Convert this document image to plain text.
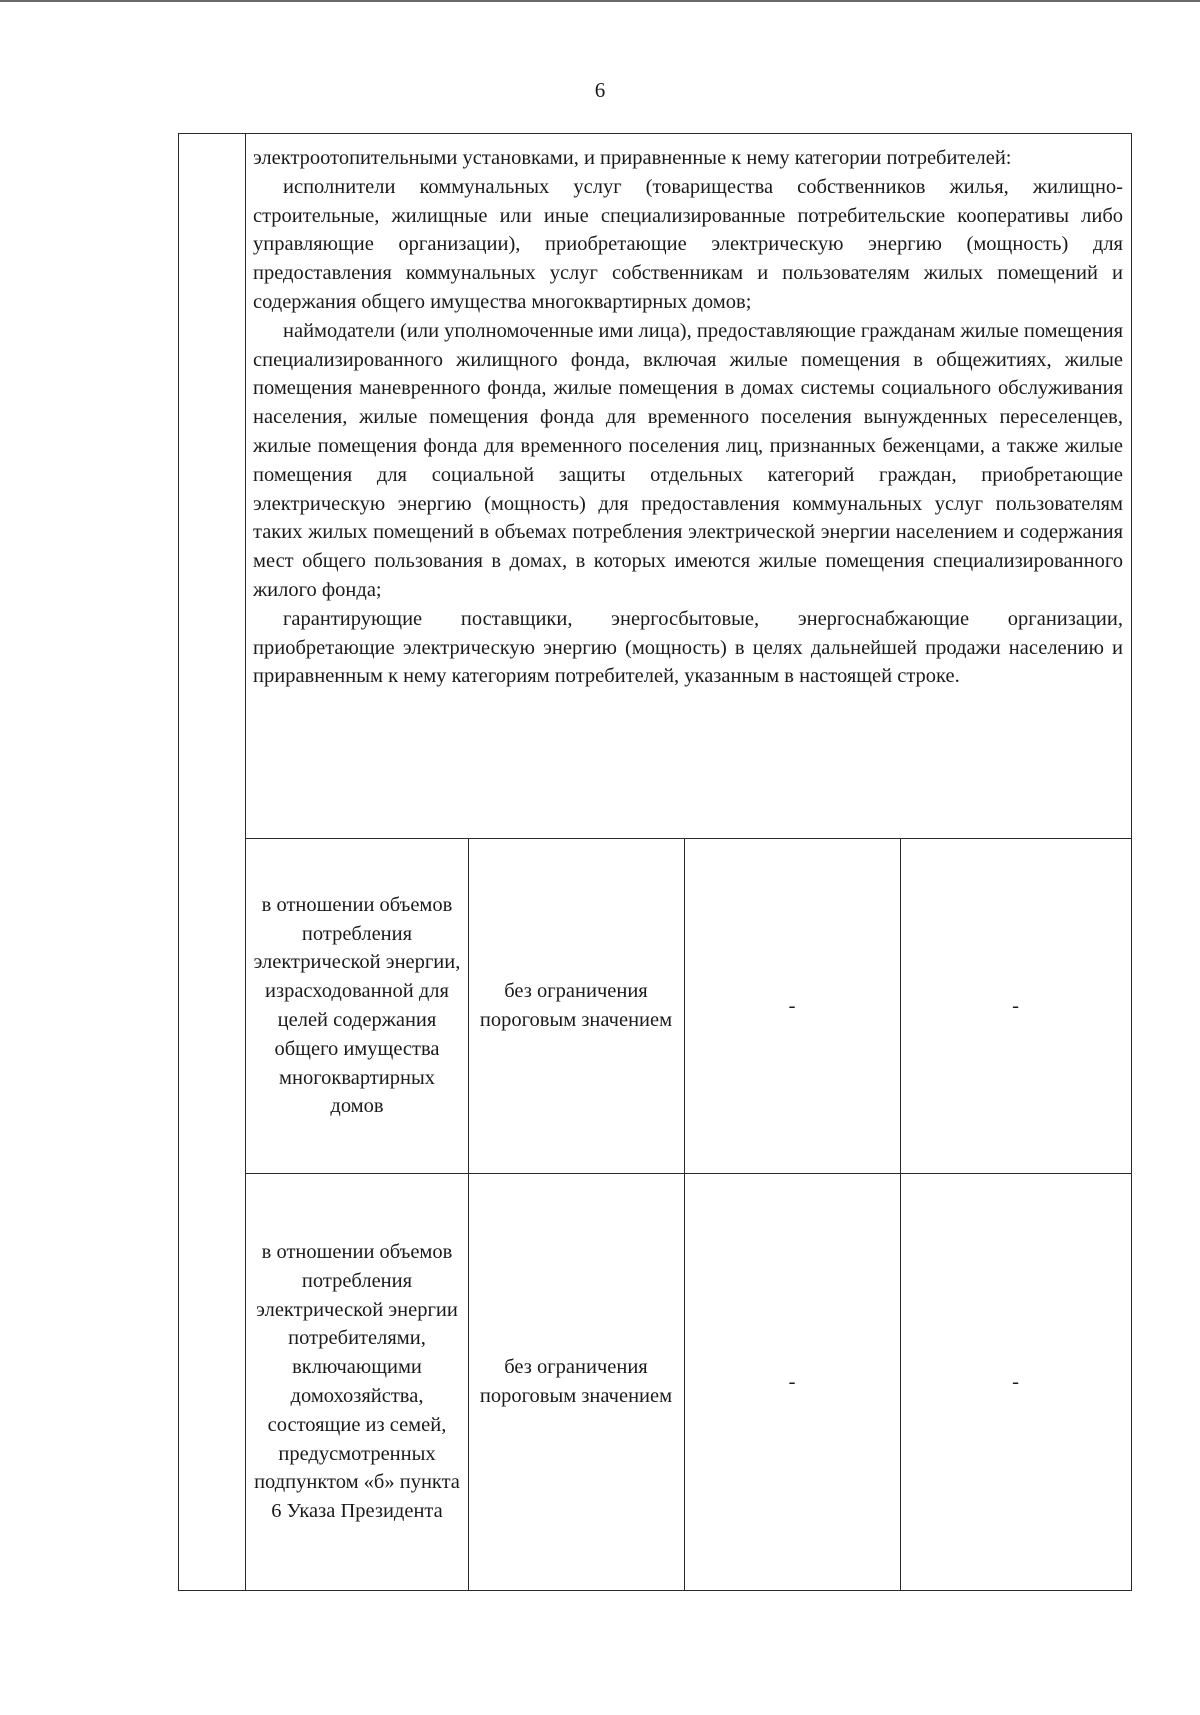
6

электроотопительными установками, и приравненные к нему категории потребителей:

исполнители коммунальных услуг (товарищества собственников жилья, жилищно-строительные, жилищные или иные специализированные потребительские кооперативы либо управляющие организации), приобретающие электрическую энергию (мощность) для предоставления коммунальных услуг собственникам и пользователям жилых помещений и содержания общего имущества многоквартирных домов;

наймодатели (или уполномоченные ими лица), предоставляющие гражданам жилые помещения специализированного жилищного фонда, включая жилые помещения в общежитиях, жилые помещения маневренного фонда, жилые помещения в домах системы социального обслуживания населения, жилые помещения фонда для временного поселения вынужденных переселенцев, жилые помещения фонда для временного поселения лиц, признанных беженцами, а также жилые помещения для социальной защиты отдельных категорий граждан, приобретающие электрическую энергию (мощность) для предоставления коммунальных услуг пользователям таких жилых помещений в объемах потребления электрической энергии населением и содержания мест общего пользования в домах, в которых имеются жилые помещения специализированного жилого фонда;

гарантирующие поставщики, энергосбытовые, энергоснабжающие организации, приобретающие электрическую энергию (мощность) в целях дальнейшей продажи населению и приравненным к нему категориям потребителей, указанным в настоящей строке.

в отношении объемов потребления электрической энергии, израсходованной для целей содержания общего имущества многоквартирных домов
без ограничения пороговым значением
-	-
в отношении объемов потребления электрической энергии потребителями, включающими домохозяйства, состоящие из семей, предусмотренных подпунктом «б» пункта 6 Указа Президента
без ограничения пороговым значением
-	-
